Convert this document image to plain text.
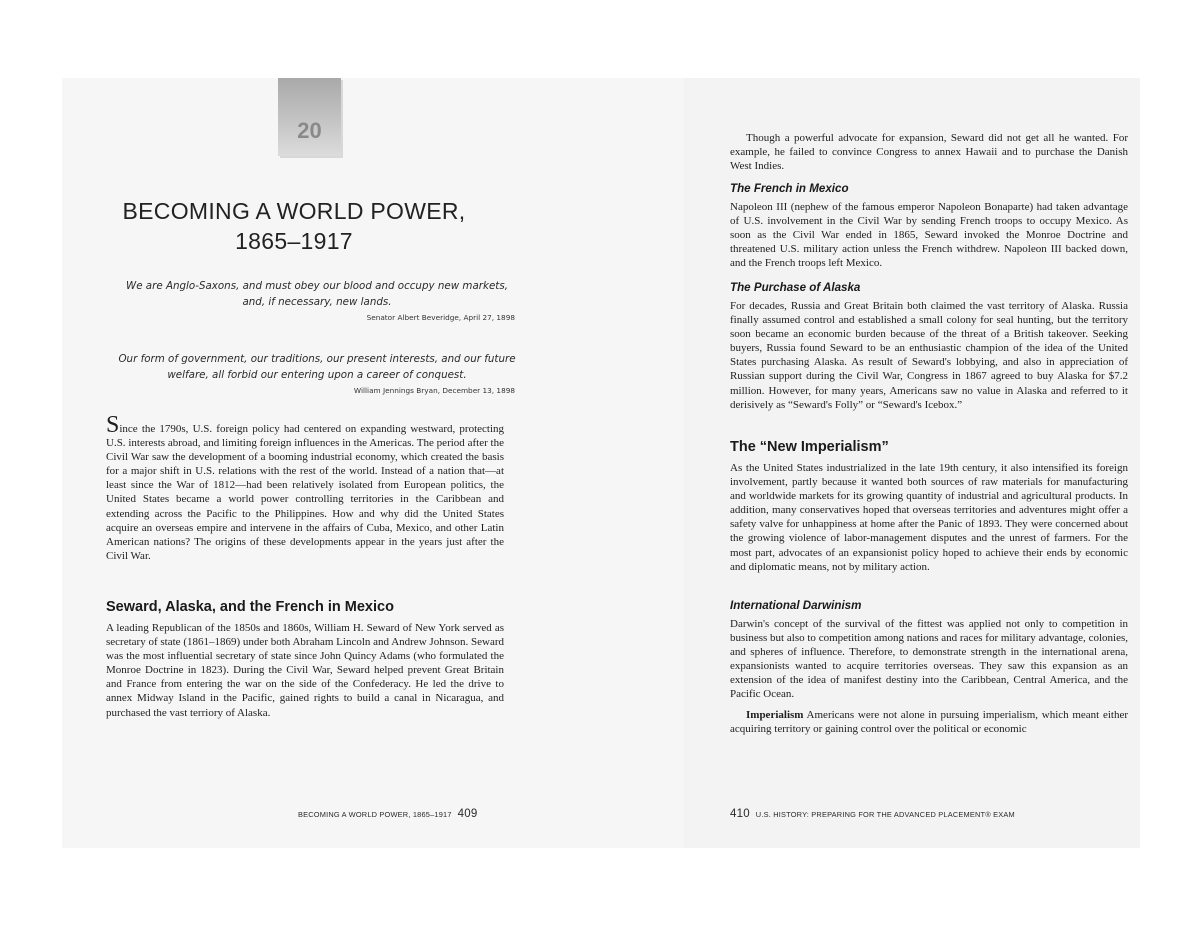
20
BECOMING A WORLD POWER,
1865–1917

We are Anglo-Saxons, and must obey our blood and occupy new markets, and, if necessary, new lands.

Senator Albert Beveridge, April 27, 1898

Our form of government, our traditions, our present interests, and our future welfare, all forbid our entering upon a career of conquest.

William Jennings Bryan, December 13, 1898

Since the 1790s, U.S. foreign policy had centered on expanding westward, protecting U.S. interests abroad, and limiting foreign influences in the Americas. The period after the Civil War saw the development of a booming industrial economy, which created the basis for a major shift in U.S. relations with the rest of the world. Instead of a nation that—at least since the War of 1812—had been relatively isolated from European politics, the United States became a world power controlling territories in the Caribbean and extending across the Pacific to the Philippines. How and why did the United States acquire an overseas empire and intervene in the affairs of Cuba, Mexico, and other Latin American nations? The origins of these developments appear in the years just after the Civil War.

Seward, Alaska, and the French in Mexico

A leading Republican of the 1850s and 1860s, William H. Seward of New York served as secretary of state (1861–1869) under both Abraham Lincoln and Andrew Johnson. Seward was the most influential secretary of state since John Quincy Adams (who formulated the Monroe Doctrine in 1823). During the Civil War, Seward helped prevent Great Britain and France from entering the war on the side of the Confederacy. He led the drive to annex Midway Island in the Pacific, gained rights to build a canal in Nicaragua, and purchased the vast terriory of Alaska.

BECOMING A WORLD POWER, 1865–1917 409

Though a powerful advocate for expansion, Seward did not get all he wanted. For example, he failed to convince Congress to annex Hawaii and to purchase the Danish West Indies.

The French in Mexico

Napoleon III (nephew of the famous emperor Napoleon Bonaparte) had taken advantage of U.S. involvement in the Civil War by sending French troops to occupy Mexico. As soon as the Civil War ended in 1865, Seward invoked the Monroe Doctrine and threatened U.S. military action unless the French withdrew. Napoleon III backed down, and the French troops left Mexico.

The Purchase of Alaska

For decades, Russia and Great Britain both claimed the vast territory of Alaska. Russia finally assumed control and established a small colony for seal hunting, but the territory soon became an economic burden because of the threat of a British takeover. Seeking buyers, Russia found Seward to be an enthusiastic champion of the idea of the United States purchasing Alaska. As result of Seward's lobbying, and also in appreciation of Russian support during the Civil War, Congress in 1867 agreed to buy Alaska for $7.2 million. However, for many years, Americans saw no value in Alaska and referred to it derisively as “Seward's Folly” or “Seward's Icebox.”

The “New Imperialism”

As the United States industrialized in the late 19th century, it also intensified its foreign involvement, partly because it wanted both sources of raw materials for manufacturing and worldwide markets for its growing quantity of industrial and agricultural products. In addition, many conservatives hoped that overseas territories and adventures might offer a safety valve for unhappiness at home after the Panic of 1893. They were concerned about the growing violence of labor-management disputes and the unrest of farmers. For the most part, advocates of an expansionist policy hoped to achieve their ends by economic and diplomatic means, not by military action.

International Darwinism

Darwin's concept of the survival of the fittest was applied not only to competition in business but also to competition among nations and races for military advantage, colonies, and spheres of influence. Therefore, to demonstrate strength in the international arena, expansionists wanted to acquire territories overseas. They saw this expansion as an extension of the idea of manifest destiny into the Caribbean, Central America, and the Pacific Ocean.

Imperialism Americans were not alone in pursuing imperialism, which meant either acquiring territory or gaining control over the political or economic

410 U.S. HISTORY: PREPARING FOR THE ADVANCED PLACEMENT® EXAM
